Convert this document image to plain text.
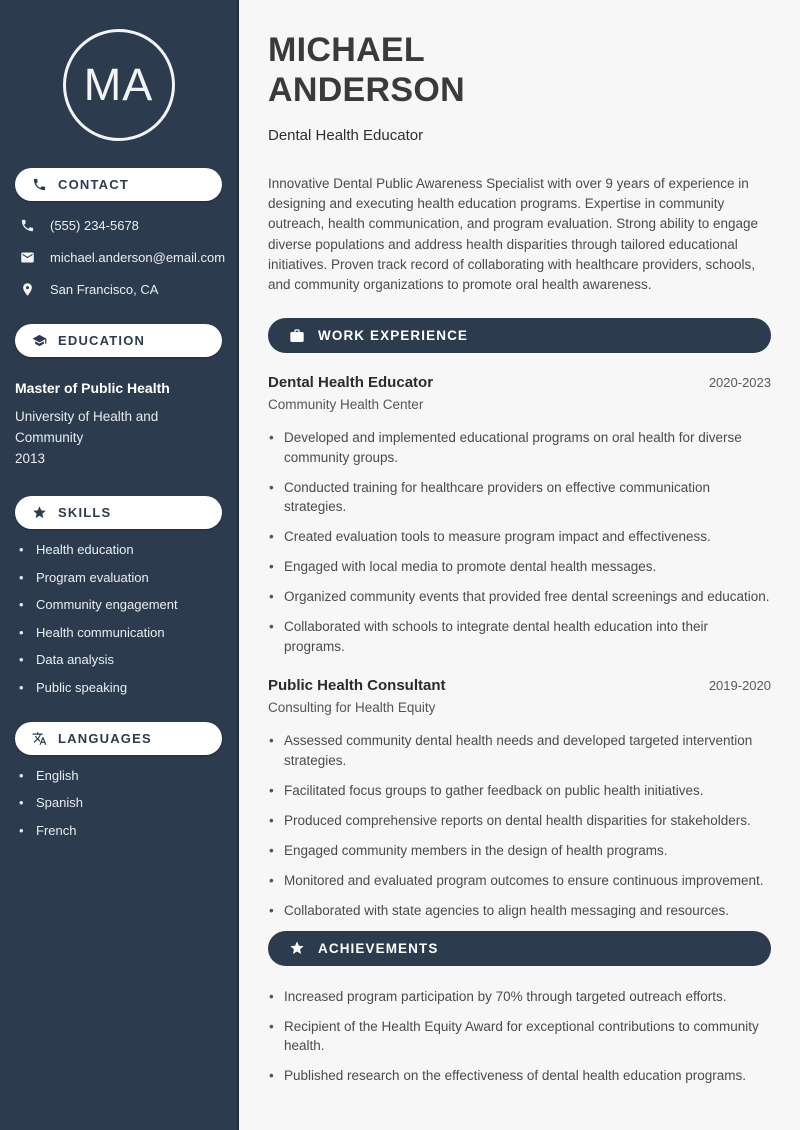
MA
CONTACT
(555) 234-5678
michael.anderson@email.com
San Francisco, CA
EDUCATION
Master of Public Health
University of Health and Community
2013
SKILLS
• Health education
• Program evaluation
• Community engagement
• Health communication
• Data analysis
• Public speaking
LANGUAGES
• English
• Spanish
• French
MICHAEL
ANDERSON
Dental Health Educator

Innovative Dental Public Awareness Specialist with over 9 years of experience in designing and executing health education programs. Expertise in community outreach, health communication, and program evaluation. Strong ability to engage diverse populations and address health disparities through tailored educational initiatives. Proven track record of collaborating with healthcare providers, schools, and community organizations to promote oral health awareness.

WORK EXPERIENCE
Dental Health Educator	2020-2023
Community Health Center
• Developed and implemented educational programs on oral health for diverse community groups.
• Conducted training for healthcare providers on effective communication strategies.
• Created evaluation tools to measure program impact and effectiveness.
• Engaged with local media to promote dental health messages.
• Organized community events that provided free dental screenings and education.
• Collaborated with schools to integrate dental health education into their programs.
Public Health Consultant	2019-2020
Consulting for Health Equity
• Assessed community dental health needs and developed targeted intervention strategies.
• Facilitated focus groups to gather feedback on public health initiatives.
• Produced comprehensive reports on dental health disparities for stakeholders.
• Engaged community members in the design of health programs.
• Monitored and evaluated program outcomes to ensure continuous improvement.
• Collaborated with state agencies to align health messaging and resources.
ACHIEVEMENTS
• Increased program participation by 70% through targeted outreach efforts.
• Recipient of the Health Equity Award for exceptional contributions to community health.
• Published research on the effectiveness of dental health education programs.
